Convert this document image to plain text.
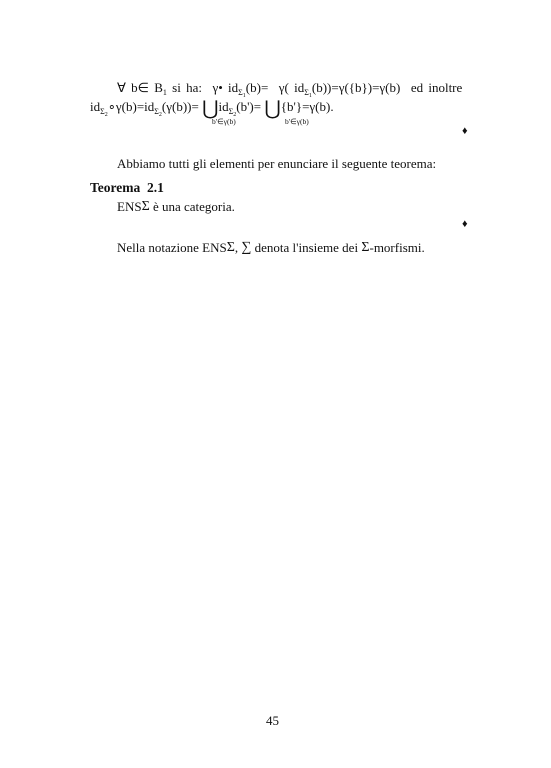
∀ b∈ $B_1$ si ha: γ• $id_{\Sigma_1}(b)= \gamma$( $id_{\Sigma_1}(b))=\gamma(\{b\})=\gamma(b)$ ed inoltre
$id_{\Sigma_2}\circ\gamma(b)=id_{\Sigma_2}(\gamma(b))=$ $⋃id_{\Sigma_2}(b')=$ ⋃{b'}=γ(b).
b'∈γ(b)	b'∈γ(b)
♦
Abbiamo tutti gli elementi per enunciare il seguente teorema:
Teorema  2.1
ENSΣ è una categoria.
♦
Nella notazione ENSΣ, ∑ denota l'insieme dei Σ-morfismi.
45
